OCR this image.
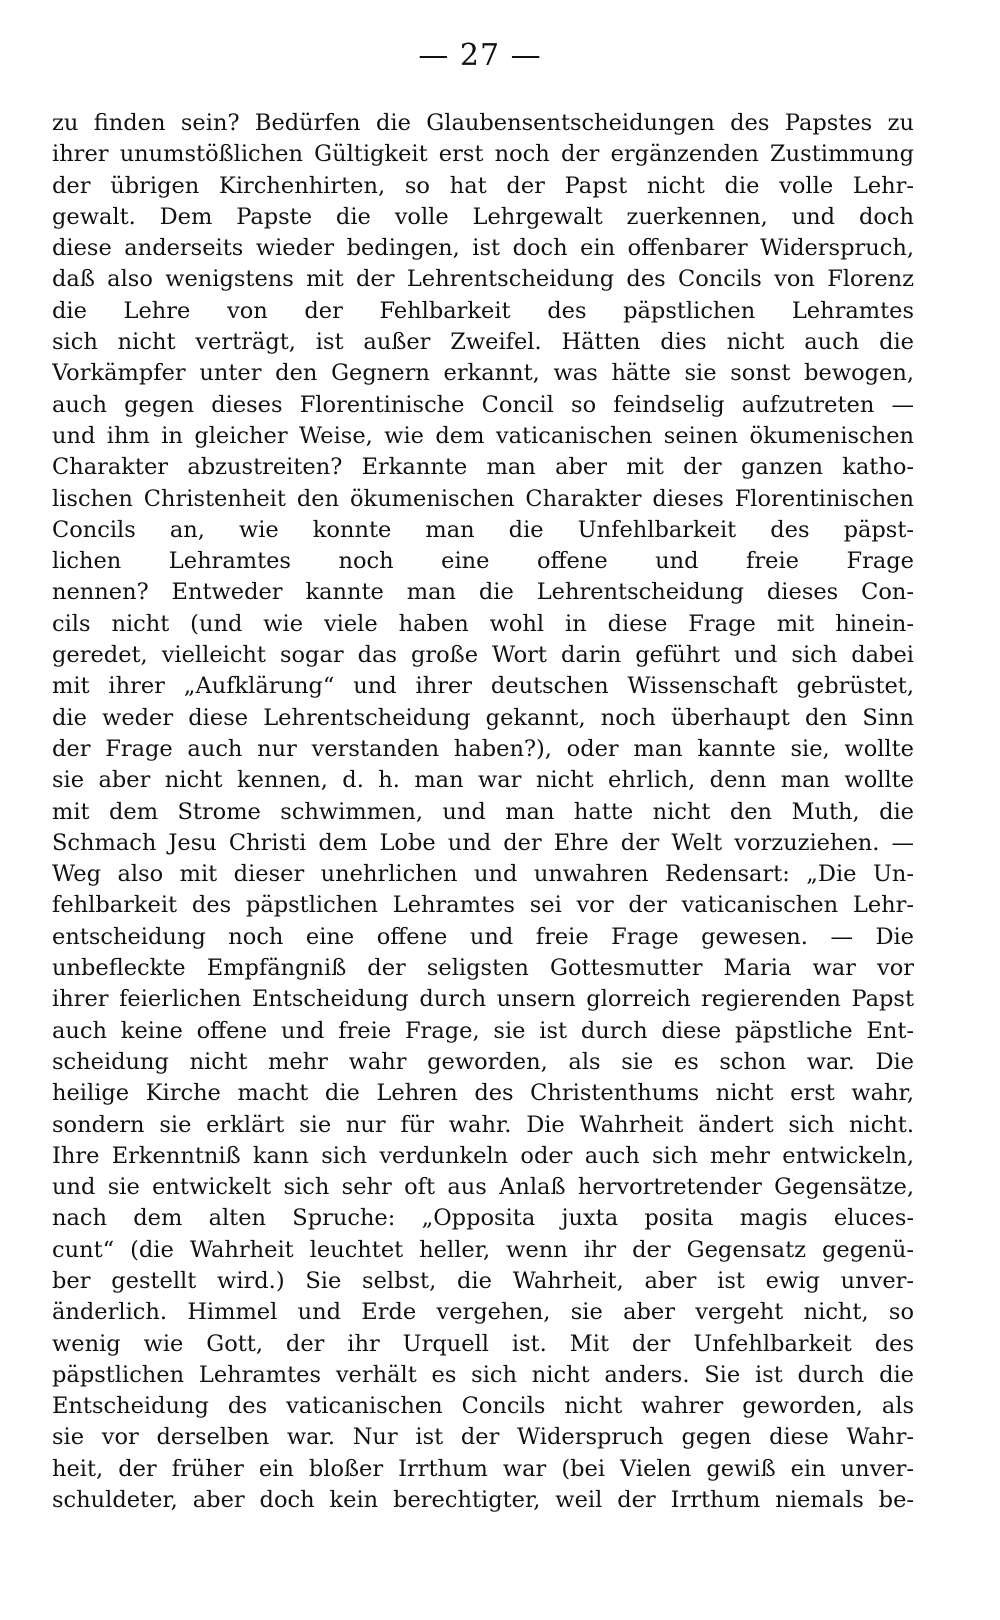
— 27 —
zu finden sein? Bedürfen die Glaubensentscheidungen des Papstes zu
ihrer unumstößlichen Gültigkeit erst noch der ergänzenden Zustimmung
der übrigen Kirchenhirten, so hat der Papst nicht die volle Lehr-
gewalt. Dem Papste die volle Lehrgewalt zuerkennen, und doch
diese anderseits wieder bedingen, ist doch ein offenbarer Widerspruch,
daß also wenigstens mit der Lehrentscheidung des Concils von Florenz
die Lehre von der Fehlbarkeit des päpstlichen Lehramtes
sich nicht verträgt, ist außer Zweifel. Hätten dies nicht auch die
Vorkämpfer unter den Gegnern erkannt, was hätte sie sonst bewogen,
auch gegen dieses Florentinische Concil so feindselig aufzutreten —
und ihm in gleicher Weise, wie dem vaticanischen seinen ökumenischen
Charakter abzustreiten? Erkannte man aber mit der ganzen katho-
lischen Christenheit den ökumenischen Charakter dieses Florentinischen
Concils an, wie konnte man die Unfehlbarkeit des päpst-
lichen Lehramtes noch eine offene und freie Frage
nennen? Entweder kannte man die Lehrentscheidung dieses Con-
cils nicht (und wie viele haben wohl in diese Frage mit hinein-
geredet, vielleicht sogar das große Wort darin geführt und sich dabei
mit ihrer „Aufklärung“ und ihrer deutschen Wissenschaft gebrüstet,
die weder diese Lehrentscheidung gekannt, noch überhaupt den Sinn
der Frage auch nur verstanden haben?), oder man kannte sie, wollte
sie aber nicht kennen, d. h. man war nicht ehrlich, denn man wollte
mit dem Strome schwimmen, und man hatte nicht den Muth, die
Schmach Jesu Christi dem Lobe und der Ehre der Welt vorzuziehen. —
Weg also mit dieser unehrlichen und unwahren Redensart: „Die Un-
fehlbarkeit des päpstlichen Lehramtes sei vor der vaticanischen Lehr-
entscheidung noch eine offene und freie Frage gewesen. — Die
unbefleckte Empfängniß der seligsten Gottesmutter Maria war vor
ihrer feierlichen Entscheidung durch unsern glorreich regierenden Papst
auch keine offene und freie Frage, sie ist durch diese päpstliche Ent-
scheidung nicht mehr wahr geworden, als sie es schon war. Die
heilige Kirche macht die Lehren des Christenthums nicht erst wahr,
sondern sie erklärt sie nur für wahr. Die Wahrheit ändert sich nicht.
Ihre Erkenntniß kann sich verdunkeln oder auch sich mehr entwickeln,
und sie entwickelt sich sehr oft aus Anlaß hervortretender Gegensätze,
nach dem alten Spruche: „Opposita juxta posita magis eluces-
cunt“ (die Wahrheit leuchtet heller, wenn ihr der Gegensatz gegenü-
ber gestellt wird.) Sie selbst, die Wahrheit, aber ist ewig unver-
änderlich. Himmel und Erde vergehen, sie aber vergeht nicht, so
wenig wie Gott, der ihr Urquell ist. Mit der Unfehlbarkeit des
päpstlichen Lehramtes verhält es sich nicht anders. Sie ist durch die
Entscheidung des vaticanischen Concils nicht wahrer geworden, als
sie vor derselben war. Nur ist der Widerspruch gegen diese Wahr-
heit, der früher ein bloßer Irrthum war (bei Vielen gewiß ein unver-
schuldeter, aber doch kein berechtigter, weil der Irrthum niemals be-
